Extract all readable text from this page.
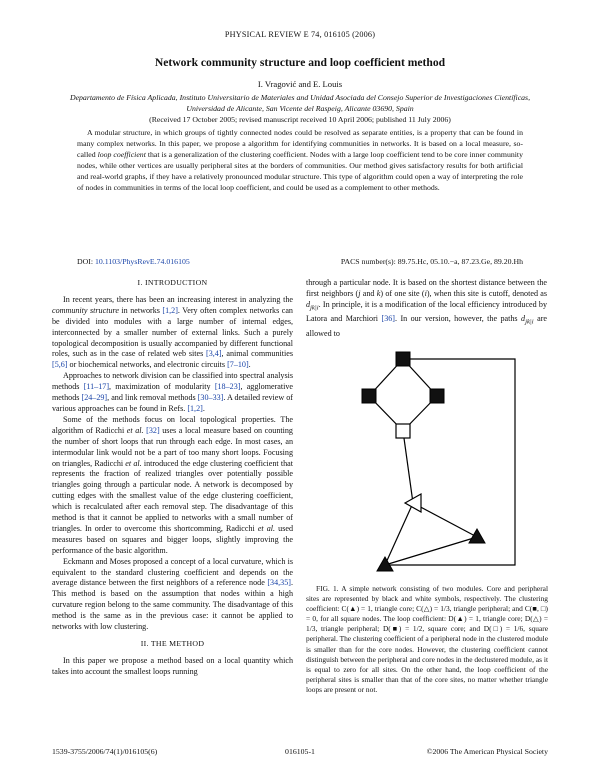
PHYSICAL REVIEW E 74, 016105 (2006)
Network community structure and loop coefficient method
I. Vragović and E. Louis
Departamento de Física Aplicada, Instituto Universitario de Materiales and Unidad Asociada del Consejo Superior de Investigaciones Científicas, Universidad de Alicante, San Vicente del Raspeig, Alicante 03690, Spain
(Received 17 October 2005; revised manuscript received 10 April 2006; published 11 July 2006)
A modular structure, in which groups of tightly connected nodes could be resolved as separate entities, is a property that can be found in many complex networks. In this paper, we propose a algorithm for identifying communities in networks. It is based on a local measure, so-called loop coefficient that is a generalization of the clustering coefficient. Nodes with a large loop coefficient tend to be core inner community nodes, while other vertices are usually peripheral sites at the borders of communities. Our method gives satisfactory results for both artificial and real-world graphs, if they have a relatively pronounced modular structure. This type of algorithm could open a way of interpreting the role of nodes in communities in terms of the local loop coefficient, and could be used as a complement to other methods.
DOI: 10.1103/PhysRevE.74.016105	PACS number(s): 89.75.Hc, 05.10.−a, 87.23.Ge, 89.20.Hh
I. INTRODUCTION

In recent years, there has been an increasing interest in analyzing the community structure in networks [1,2]. Very often complex networks can be divided into modules with a large number of internal edges, interconnected by a smaller number of external links. Such a purely topological decomposition is usually accompanied by different functional roles, such as in the case of related web sites [3,4], animal communities [5,6] or biochemical networks, and electronic circuits [7–10].

Approaches to network division can be classified into spectral analysis methods [11–17], maximization of modularity [18–23], agglomerative methods [24–29], and link removal methods [30–33]. A detailed review of various approaches can be found in Refs. [1,2].

Some of the methods focus on local topological properties. The algorithm of Radicchi et al. [32] uses a local measure based on counting the number of short loops that run through each edge. In most cases, an intermodular link would not be a part of too many short loops. Focusing on triangles, Radicchi et al. introduced the edge clustering coefficient that represents the fraction of realized triangles over potentially possible triangles going through a particular node. A network is decomposed by cutting edges with the smallest value of the edge clustering coefficient, which is recalculated after each removal step. The disadvantage of this method is that it cannot be applied to networks with a small number of triangles. In order to overcome this shortcomming, Radicchi et al. used measures based on squares and bigger loops, slightly improving the performance of the basic algorithm.

Eckmann and Moses proposed a concept of a local curvature, which is equivalent to the standard clustering coefficient and depends on the average distance between the first neighbors of a reference node [34,35]. This method is based on the assumption that nodes within a high curvature region belong to the same community. The disadvantage of this method is the same as in the previous case: it cannot be applied to networks with low clustering.

II. THE METHOD

In this paper we propose a method based on a local quantity which takes into account the smallest loops running

through a particular node. It is based on the shortest distance between the first neighbors (j and k) of one site (i), when this site is cutoff, denoted as $d_{jk|i}$. In principle, it is a modification of the local efficiency introduced by Latora and Marchiori [36]. In our version, however, the paths $d_{jk|i}$ are allowed to

FIG. 1. A simple network consisting of two modules. Core and peripheral sites are represented by black and white symbols, respectively. The clustering coefficient: C(▲) = 1, triangle core; C(△) = 1/3, triangle peripheral; and C(■, □) = 0, for all square nodes. The loop coefficient: D(▲) = 1, triangle core; D(△) = 1/3, triangle peripheral; D(■) = 1/2, square core; and D(□) = 1/6, square peripheral. The clustering coefficient of a peripheral node in the clustered module is smaller than for the core nodes. However, the clustering coefficient cannot distinguish between the peripheral and core nodes in the declustered module, as it is equal to zero for all sites. On the other hand, the loop coefficient of the peripheral sites is smaller than that of the core sites, no matter whether triangle loops are present or not.
1539-3755/2006/74(1)/016105(6)	016105-1	©2006 The American Physical Society
